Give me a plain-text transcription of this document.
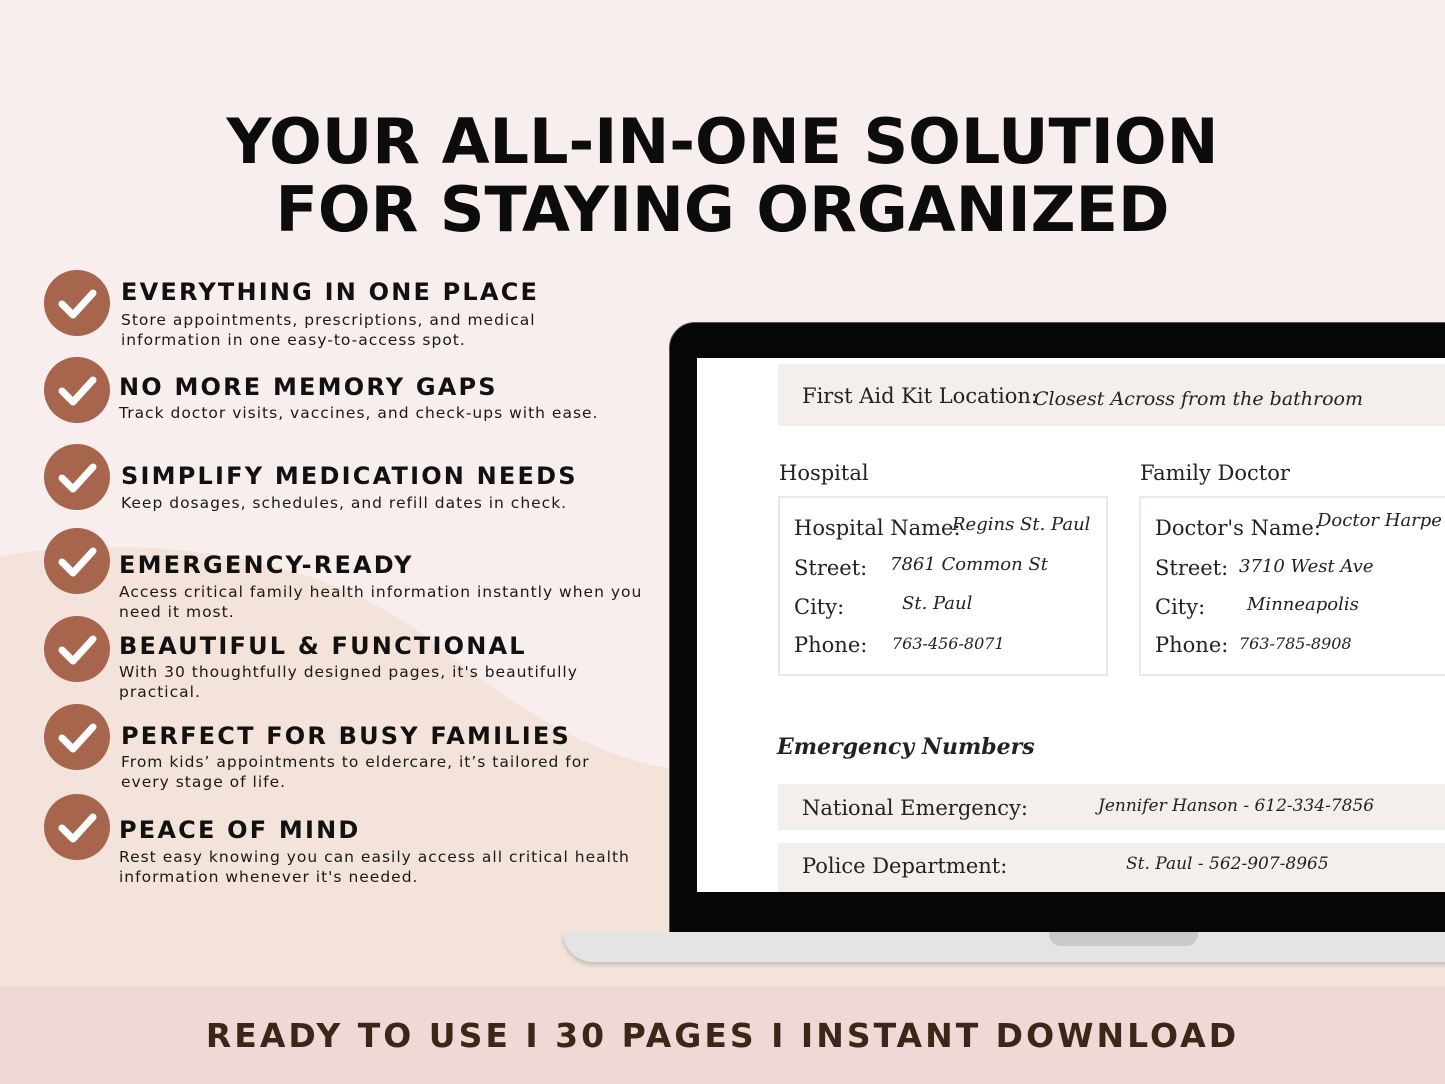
YOUR ALL-IN-ONE SOLUTION
FOR STAYING ORGANIZED
EVERYTHING IN ONE PLACE
Store appointments, prescriptions, and medical information in one easy-to-access spot.
NO MORE MEMORY GAPS
Track doctor visits, vaccines, and check-ups with ease.
SIMPLIFY MEDICATION NEEDS
Keep dosages, schedules, and refill dates in check.
EMERGENCY-READY
Access critical family health information instantly when you need it most.
BEAUTIFUL & FUNCTIONAL
With 30 thoughtfully designed pages, it's beautifully practical.
PERFECT FOR BUSY FAMILIES
From kids’ appointments to eldercare, it’s tailored for every stage of life.
PEACE OF MIND
Rest easy knowing you can easily access all critical health information whenever it's needed.
First Aid Kit Location:
Closest Across from the bathroom
Hospital
Hospital Name:
Regins St. Paul
Street: 7861 Common St
City:	St. Paul
Phone: 763-456-8071
Family Doctor
Doctor's Name:
Doctor Harpe
Street: 3710 West Ave
City: Minneapolis
Phone: 763-785-8908
Emergency Numbers
National Emergency:	Jennifer Hanson - 612-334-7856
Police Department:	St. Paul - 562-907-8965
READY TO USE I 30 PAGES I INSTANT DOWNLOAD
